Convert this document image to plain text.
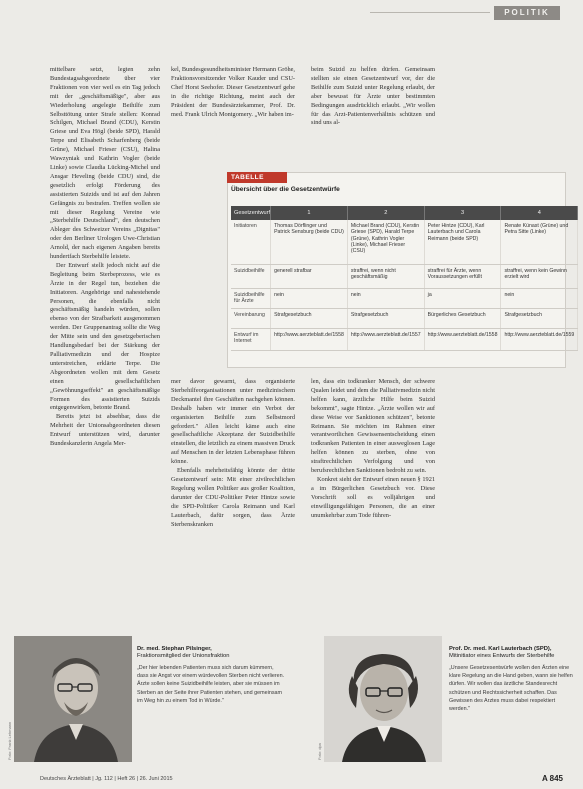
POLITIK

mittelbare setzt, legten zehn Bundestagsabgeordnete über vier Fraktionen von vier weil es ein Tag jedoch mit der „geschäftsmäßige", aber aus Wiederholung angelegte Beihilfe zum Selbsttötung unter Strafe stellen: Konrad Schilgen, Michael Brand (CDU), Kerstin Griese und Eva Högl (beide SPD), Harald Terpe und Elisabeth Scharfenberg (beide Grüne), Michael Frieser (CSU), Halina Wawzyniak und Kathrin Vogler (beide Linke) sowie Claudia Lücking-Michel und Ansgar Heveling (beide CDU) sind, die gesetzlich erfolgt Förderung des assistierten Suizids und ist auf den Jahren Gefängnis zu bestrafen. Treffen wollen sie mit dieser Regelung Vereine wie „Sterbehilfe Deutschland", den deutschen Ableger des Schweizer Vereins „Dignitas" oder den Berliner Urologen Uwe-Christian Arnold, der nach eigenen Angaben bereits hundertfach Sterbehilfe leistete.

Der Entwurf stellt jedoch nicht auf die Begleitung beim Sterbeprozess, wie es Ärzte in der Regel tun, beziehen die Initiatoren. Angehörige und nahestehende Personen, die ebenfalls nicht geschäftsmäßig handeln würden, sollen ebenso von der Strafbarkeit ausgenommen werden. Der Gruppenantrag sollte die Weg der Mitte sein und den gesetzgeberischen Handlungsbedarf bei der Stärkung der Palliativmedizin und der Hospize unterstreichen, erklärte Terpe. Die Abgeordneten wollen mit dem Gesetz einen gesellschaftlichen „Gewöhnungseffekt" an geschäftsmäßige Formen des assistierten Suizids entgegenwirken, betonte Brand.

Bereits jetzt ist absehbar, dass die Mehrheit der Unionsabgeordneten diesen Entwurf unterstützen wird, darunter Bundeskanzlerin Angela Mer-

kel, Bundesgesundheitsminister Hermann Gröhe, Fraktionsvorsitzender Volker Kauder und CSU-Chef Horst Seehofer. Dieser Gesetzentwurf gehe in die richtige Richtung, meint auch der Präsident der Bundesärztekammer, Prof. Dr. med. Frank Ulrich Montgomery. „Wir haben im-

beim Suizid zu helfen dürfen. Gemeinsam stellten sie einen Gesetzentwurf vor, der die Beihilfe zum Suizid unter Regelung erlaubt, der aber bewusst für Ärzte unter bestimmten Bedingungen ausdrücklich erlaubt. „Wir wollen für das Arzt-Patientenverhältnis schützen und sind uns al-

TABELLE
Übersicht über die Gesetzentwürfe
Gesetzentwurf	1	2	3	4
Initiatoren	Thomas Dörflinger und Patrick Sensburg (beide CDU)	Michael Brand (CDU), Kerstin Griese (SPD), Harald Terpe (Grüne), Kathrin Vogler (Linke), Michael Frieser (CSU)	Peter Hintze (CDU), Karl Lauterbach und Carola Reimann (beide SPD)	Renate Künast (Grüne) und Petra Sitte (Linke)
Suizidbeihilfe	generell strafbar	straffrei, wenn nicht geschäftsmäßig	straffrei für Ärzte, wenn Voraussetzungen erfüllt	straffrei, wenn kein Gewinn erzielt wird
Suizidbeihilfe für Ärzte	nein	nein	ja	nein
Vereinbarung	Strafgesetzbuch	Strafgesetzbuch	Bürgerliches Gesetzbuch	Strafgesetzbuch
Entwurf im Internet	http://www.aerzteblatt.de/1558	http://www.aerzteblatt.de/1557	http://www.aerzteblatt.de/1558	http://www.aerzteblatt.de/1559

mer davor gewarnt, dass organisierte Sterbehilfeorganisationen unter medizinischem Deckmantel ihre Geschäften nachgehen können. Deshalb haben wir immer ein Verbot der organisierten Beihilfe zum Selbstmord gefordert." Allen leicht käme auch eine gesellschaftliche Akzeptanz der Suizidbeihilfe einstellen, die letztlich zu einem massiven Druck auf Menschen in der letzten Lebensphase führen könne.

Ebenfalls mehrheitsfähig könnte der dritte Gesetzentwurf sein: Mit einer zivilrechtlichen Regelung wollen Politiker aus großer Koalition, darunter der CDU-Politiker Peter Hintze sowie die SPD-Politiker Carola Reimann und Karl Lauterbach, dafür sorgen, dass Ärzte Sterbenskranken

len, dass ein todkranker Mensch, der schwere Qualen leidet und dem die Palliativmedizin nicht helfen kann, ärztliche Hilfe beim Suizid bekommt", sagte Hintze. „Ärzte wollen wir auf diese Weise vor Sanktionen schützen", betonte Reimann. Sie möchten im Rahmen einer verantwortlichen Gewissensentscheidung einen todkranken Patienten in einer ausweglosen Lage helfen können zu sterben, ohne von straftrechtlichen Verfolgung und von berufsrechtlichen Sanktionen bedroht zu sein.

Konkret sieht der Entwurf einen neuen § 1921 a im Bürgerlichen Gesetzbuch vor. Diese Vorschrift soll es volljährigen und einwilligungsfähigen Personen, die an einer unumkehrbar zum Tode führen-

Foto: Frank Lehmann
Dr. med. Stephan Pilsinger,
Fraktionsmitglied der Unionsfraktion
„Der hier lebenden Patienten muss sich darum kümmern, dass sie Angst vor einem würdevollen Sterben nicht verlieren. Ärzte sollen keine Suizidbeihilfe leisten, aber sie müssen im Sterben an der Seite ihrer Patienten stehen, und gemeinsam im Weg hin zu einem Tod in Würde."
Foto: dpa
Prof. Dr. med. Karl Lauterbach (SPD),
Mitinitiator eines Entwurfs der Sterbehilfe
„Unsere Gesetzesentwürfe wollen den Ärzten eine klare Regelung an die Hand geben, wann sie helfen dürfen. Wir wollen das ärztliche Standesrecht schützen und Rechtssicherheit schaffen. Das Gewissen des Arztes muss dabei respektiert werden."
Deutsches Ärzteblatt | Jg. 112 | Heft 26 | 26. Juni 2015	A 845
